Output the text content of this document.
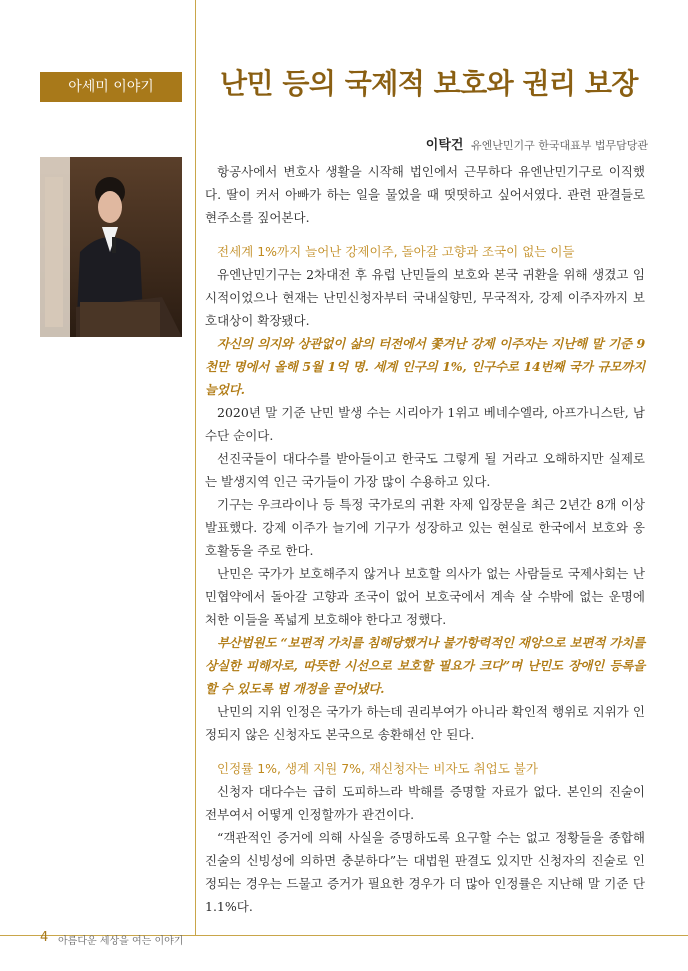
아세미 이야기	난민 등의 국제적 보호와 권리 보장
이탁건 유엔난민기구 한국대표부 법무담당관

항공사에서 변호사 생활을 시작해 법인에서 근무하다 유엔난민기구로 이직했다. 딸이 커서 아빠가 하는 일을 물었을 때 떳떳하고 싶어서였다. 관련 판결들로 현주소를 짚어본다.

전세계 1%까지 늘어난 강제이주, 돌아갈 고향과 조국이 없는 이들

유엔난민기구는 2차대전 후 유럽 난민들의 보호와 본국 귀환을 위해 생겼고 임시적이었으나 현재는 난민신청자부터 국내실향민, 무국적자, 강제 이주자까지 보호대상이 확장됐다.

자신의 의지와 상관없이 삶의 터전에서 쫓겨난 강제 이주자는 지난해 말 기준 9천만 명에서 올해 5월 1억 명. 세계 인구의 1%, 인구수로 14번째 국가 규모까지 늘었다.

2020년 말 기준 난민 발생 수는 시리아가 1위고 베네수엘라, 아프가니스탄, 남수단 순이다.

선진국들이 대다수를 받아들이고 한국도 그렇게 될 거라고 오해하지만 실제로는 발생지역 인근 국가들이 가장 많이 수용하고 있다.

기구는 우크라이나 등 특정 국가로의 귀환 자제 입장문을 최근 2년간 8개 이상 발표했다. 강제 이주가 늘기에 기구가 성장하고 있는 현실로 한국에서 보호와 옹호활동을 주로 한다.

난민은 국가가 보호해주지 않거나 보호할 의사가 없는 사람들로 국제사회는 난민협약에서 돌아갈 고향과 조국이 없어 보호국에서 계속 살 수밖에 없는 운명에 처한 이들을 폭넓게 보호해야 한다고 정했다.

부산법원도 “보편적 가치를 침해당했거나 불가항력적인 재앙으로 보편적 가치를 상실한 피해자로, 따뜻한 시선으로 보호할 필요가 크다”며 난민도 장애인 등록을 할 수 있도록 법 개정을 끌어냈다.

난민의 지위 인정은 국가가 하는데 권리부여가 아니라 확인적 행위로 지위가 인정되지 않은 신청자도 본국으로 송환해선 안 된다.

인정률 1%, 생계 지원 7%, 재신청자는 비자도 취업도 불가

신청자 대다수는 급히 도피하느라 박해를 증명할 자료가 없다. 본인의 진술이 전부여서 어떻게 인정할까가 관건이다.

“객관적인 증거에 의해 사실을 증명하도록 요구할 수는 없고 정황들을 종합해 진술의 신빙성에 의하면 충분하다”는 대법원 판결도 있지만 신청자의 진술로 인정되는 경우는 드물고 증거가 필요한 경우가 더 많아 인정률은 지난해 말 기준 단 1.1%다.

4 아름다운 세상을 여는 이야기
